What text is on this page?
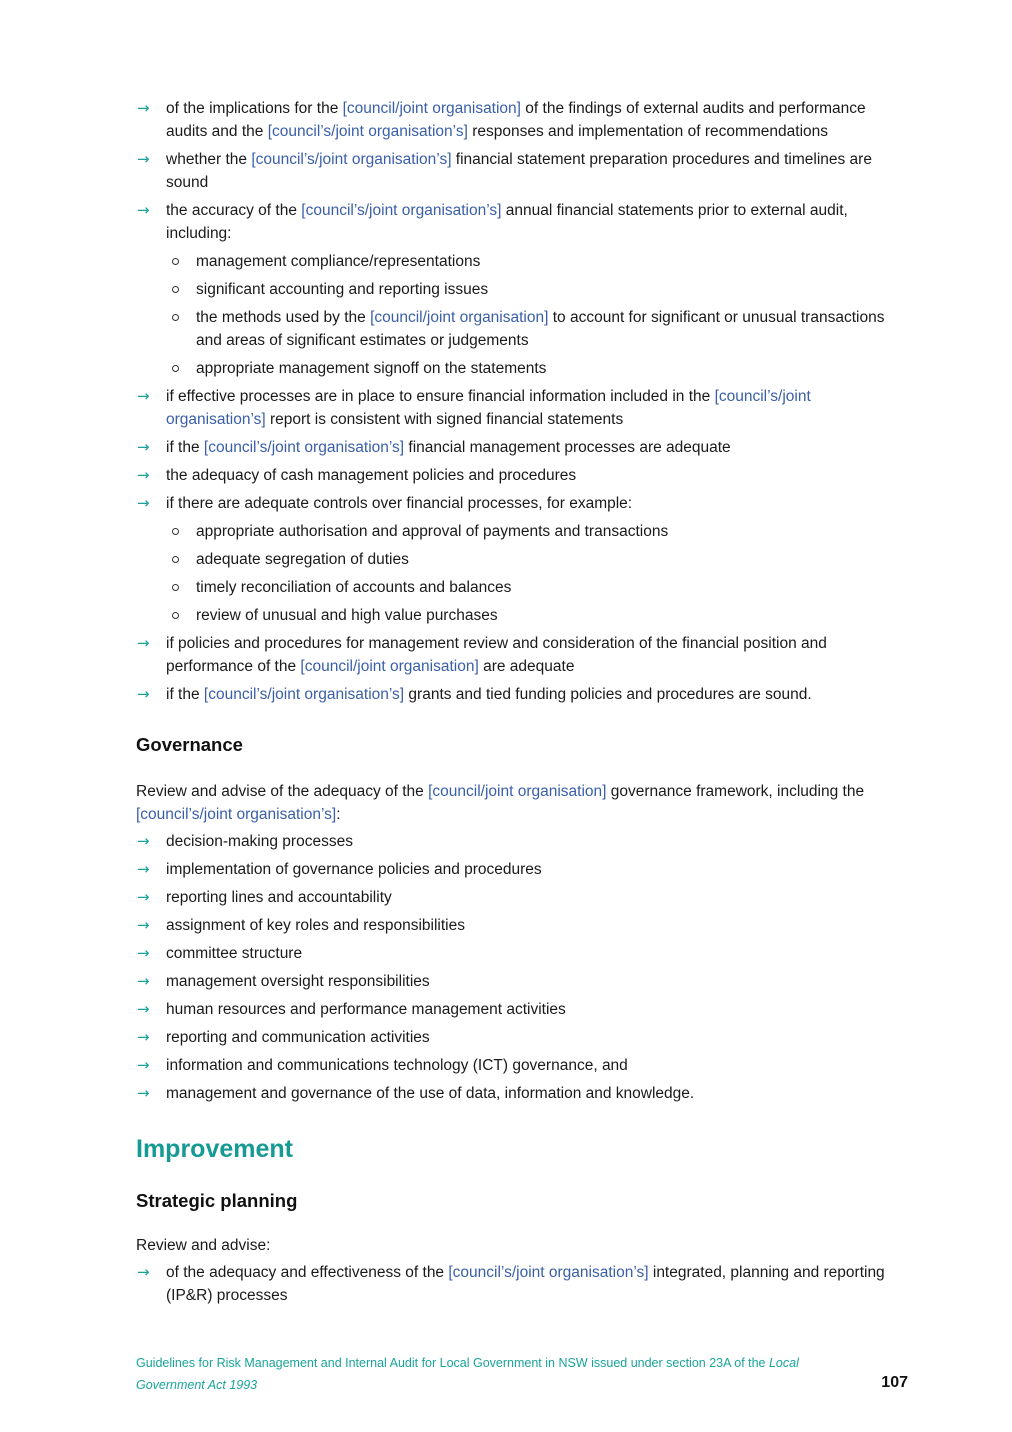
→ of the implications for the [council/joint organisation] of the findings of external audits and performance audits and the [council’s/joint organisation’s] responses and implementation of recommendations
→ whether the [council’s/joint organisation’s] financial statement preparation procedures and timelines are sound
→ the accuracy of the [council’s/joint organisation’s] annual financial statements prior to external audit, including:
management compliance/representations
significant accounting and reporting issues
the methods used by the [council/joint organisation] to account for significant or unusual transactions and areas of significant estimates or judgements
appropriate management signoff on the statements
→ if effective processes are in place to ensure financial information included in the [council’s/joint organisation’s] report is consistent with signed financial statements
→ if the [council’s/joint organisation’s] financial management processes are adequate
→ the adequacy of cash management policies and procedures
→ if there are adequate controls over financial processes, for example:
appropriate authorisation and approval of payments and transactions
adequate segregation of duties
timely reconciliation of accounts and balances
review of unusual and high value purchases
→ if policies and procedures for management review and consideration of the financial position and performance of the [council/joint organisation] are adequate
→ if the [council’s/joint organisation’s] grants and tied funding policies and procedures are sound.
Governance

Review and advise of the adequacy of the [council/joint organisation] governance framework, including the [council’s/joint organisation’s]:

→ decision-making processes
→ implementation of governance policies and procedures
→ reporting lines and accountability
→ assignment of key roles and responsibilities
→ committee structure
→ management oversight responsibilities
→ human resources and performance management activities
→ reporting and communication activities
→ information and communications technology (ICT) governance, and
→ management and governance of the use of data, information and knowledge.
Improvement
Strategic planning

Review and advise:

→ of the adequacy and effectiveness of the [council’s/joint organisation’s] integrated, planning and reporting (IP&R) processes
Guidelines for Risk Management and Internal Audit for Local Government in NSW issued under section 23A of the Local Government Act 1993	107
